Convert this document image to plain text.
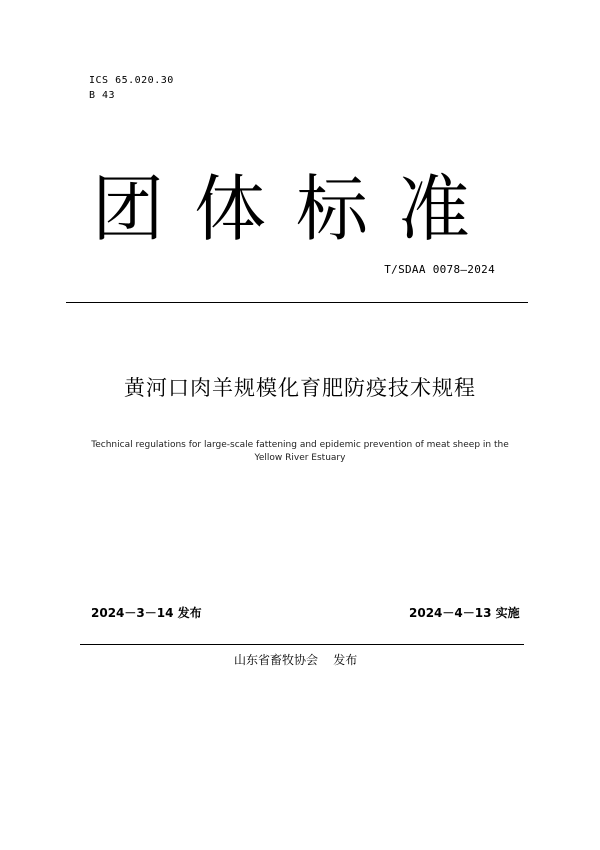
ICS 65.020.30
B 43
团体标准
T/SDAA 0078—2024
黄河口肉羊规模化育肥防疫技术规程
Technical regulations for large-scale fattening and epidemic prevention of meat sheep in the Yellow River Estuary
2024－3－14 发布	2024－4－13 实施
山东省畜牧协会    发布
